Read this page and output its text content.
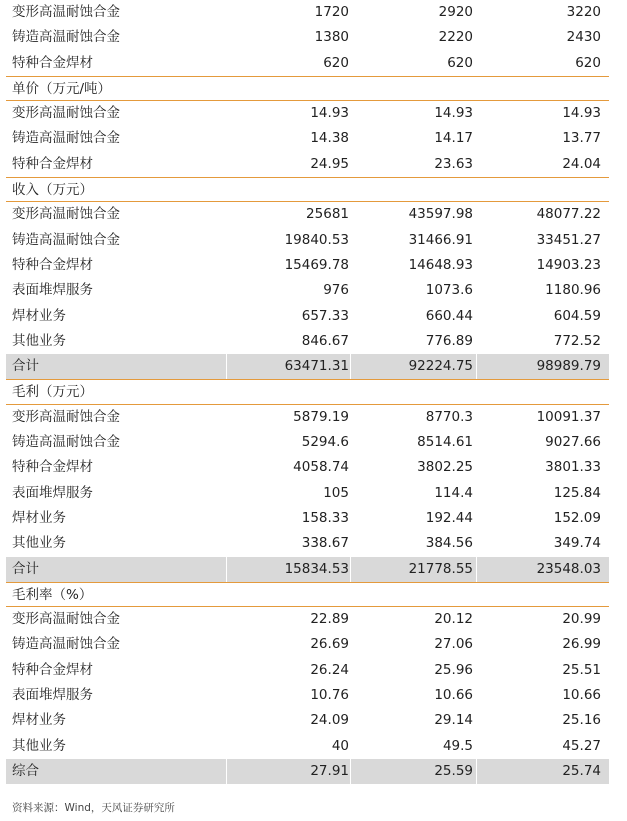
变形高温耐蚀合金	1720	2920	3220
铸造高温耐蚀合金	1380	2220	2430
特种合金焊材	620	620	620
单价（万元/吨）
变形高温耐蚀合金	14.93	14.93	14.93
铸造高温耐蚀合金	14.38	14.17	13.77
特种合金焊材	24.95	23.63	24.04
收入（万元）
变形高温耐蚀合金	25681	43597.98	48077.22
铸造高温耐蚀合金	19840.53	31466.91	33451.27
特种合金焊材	15469.78	14648.93	14903.23
表面堆焊服务	976	1073.6	1180.96
焊材业务	657.33	660.44	604.59
其他业务	846.67	776.89	772.52
合计	63471.31	92224.75	98989.79
毛利（万元）
变形高温耐蚀合金	5879.19	8770.3	10091.37
铸造高温耐蚀合金	5294.6	8514.61	9027.66
特种合金焊材	4058.74	3802.25	3801.33
表面堆焊服务	105	114.4	125.84
焊材业务	158.33	192.44	152.09
其他业务	338.67	384.56	349.74
合计	15834.53	21778.55	23548.03
毛利率（%）
变形高温耐蚀合金	22.89	20.12	20.99
铸造高温耐蚀合金	26.69	27.06	26.99
特种合金焊材	26.24	25.96	25.51
表面堆焊服务	10.76	10.66	10.66
焊材业务	24.09	29.14	25.16
其他业务	40	49.5	45.27
综合	27.91	25.59	25.74
资料来源：Wind，天风证券研究所
